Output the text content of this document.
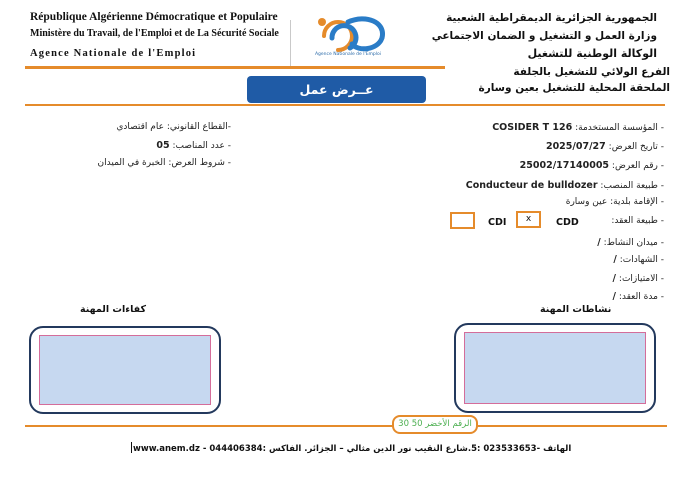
République Algérienne Démocratique et Populaire
Ministère du Travail, de l'Emploi et de La Sécurité Sociale
Agence Nationale de l'Emploi	Agence Nationale de l'Emploi
الجمهورية الجزائرية الديمقراطية الشعبية
وزارة العمل و التشغيل و الضمان الاجتماعي
الوكالة الوطنية للتشغيل
الفرع الولائي للتشغيل بالجلفة
الملحقة المحلية للتشغيل بعين وسارة
عــرض عمل
- المؤسسة المستخدمة: COSIDER T 126
- تاريخ العرض: 2025/07/27
- رقم العرض: 25002/17140005
- طبيعة المنصب: Conducteur de bulldozer
- الإقامة بلدية: عين وسارة
- طبيعة العقد:
CDD
x
CDI
- ميدان النشاط: /
- الشهادات: /
- الامتيازات: /
- مدة العقد: /
-القطاع القانوني: عام اقتصادي
- عدد المناصب: 05
- شروط العرض: الخبرة في الميدان
نشاطات المهنة
كفاءات المهنة
الرقم الأخضر 50 30
www.anem.dz - 044406384: الهاتف -023533653 :5.شارع النقيب نور الدين مثالي – الجزائر. الفاكس
